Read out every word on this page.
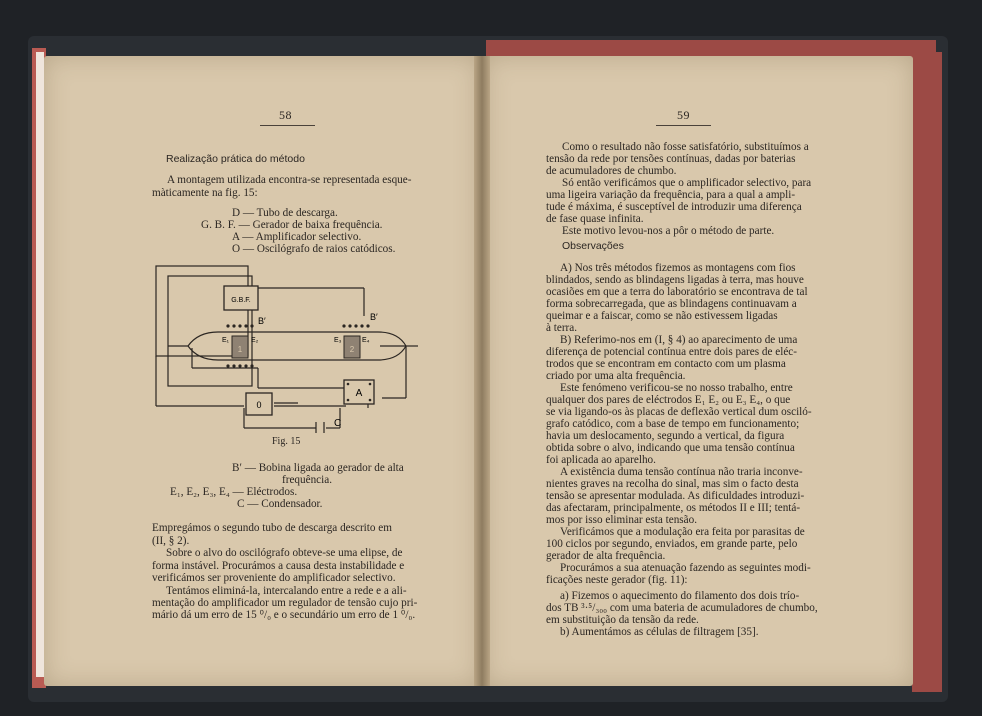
58
Realização prática do método
A montagem utilizada encontra-se representada esque-
màticamente na fig. 15:
D — Tubo de descarga.
G. B. F. — Gerador de baixa frequência.
A — Amplificador selectivo.
O — Oscilógrafo de raios catódicos.
G.B.F.
B′	B′
E₁	E₂	E₃	E₄
1	2
0
A
C
Fig. 15
B′ — Bobina ligada ao gerador de alta
frequência.
E₁, E₂, E₃, E₄ — Eléctrodos.
C — Condensador.
Empregámos o segundo tubo de descarga descrito em
(II, § 2).
Sobre o alvo do oscilógrafo obteve-se uma elipse, de
forma instável. Procurámos a causa desta instabilidade e
verificámos ser proveniente do amplificador selectivo.
Tentámos eliminá-la, intercalando entre a rede e a ali-
mentação do amplificador um regulador de tensão cujo pri-
mário dá um erro de 15 ⁰/₀ e o secundário um erro de 1 ⁰/₀.
59
Como o resultado não fosse satisfatório, substituímos a
tensão da rede por tensões contínuas, dadas por baterias
de acumuladores de chumbo.
Só então verificámos que o amplificador selectivo, para
uma ligeira variação da frequência, para a qual a ampli-
tude é máxima, é susceptível de introduzir uma diferença
de fase quase infinita.
Este motivo levou-nos a pôr o método de parte.
Observações
A) Nos três métodos fizemos as montagens com fios
blindados, sendo as blindagens ligadas à terra, mas houve
ocasiões em que a terra do laboratório se encontrava de tal
forma sobrecarregada, que as blindagens continuavam a
queimar e a faiscar, como se não estivessem ligadas
à terra.
B) Referimo-nos em (I, § 4) ao aparecimento de uma
diferença de potencial contínua entre dois pares de eléc-
trodos que se encontram em contacto com um plasma
criado por uma alta frequência.
Este fenómeno verificou-se no nosso trabalho, entre
qualquer dos pares de eléctrodos E₁ E₂ ou E₃ E₄, o que
se via ligando-os às placas de deflexão vertical dum osciló-
grafo catódico, com a base de tempo em funcionamento;
havia um deslocamento, segundo a vertical, da figura
obtida sobre o alvo, indicando que uma tensão contínua
foi aplicada ao aparelho.
A existência duma tensão contínua não traria inconve-
nientes graves na recolha do sinal, mas sim o facto desta
tensão se apresentar modulada. As dificuldades introduzi-
das afectaram, principalmente, os métodos II e III; tentá-
mos por isso eliminar esta tensão.
Verificámos que a modulação era feita por parasitas de
100 ciclos por segundo, enviados, em grande parte, pelo
gerador de alta frequência.
Procurámos a sua atenuação fazendo as seguintes modi-
ficações neste gerador (fig. 11):
a) Fizemos o aquecimento do filamento dos dois trío-
dos TB ³·⁵/₃₀₀ com uma bateria de acumuladores de chumbo,
em substituição da tensão da rede.
b) Aumentámos as células de filtragem [35].
